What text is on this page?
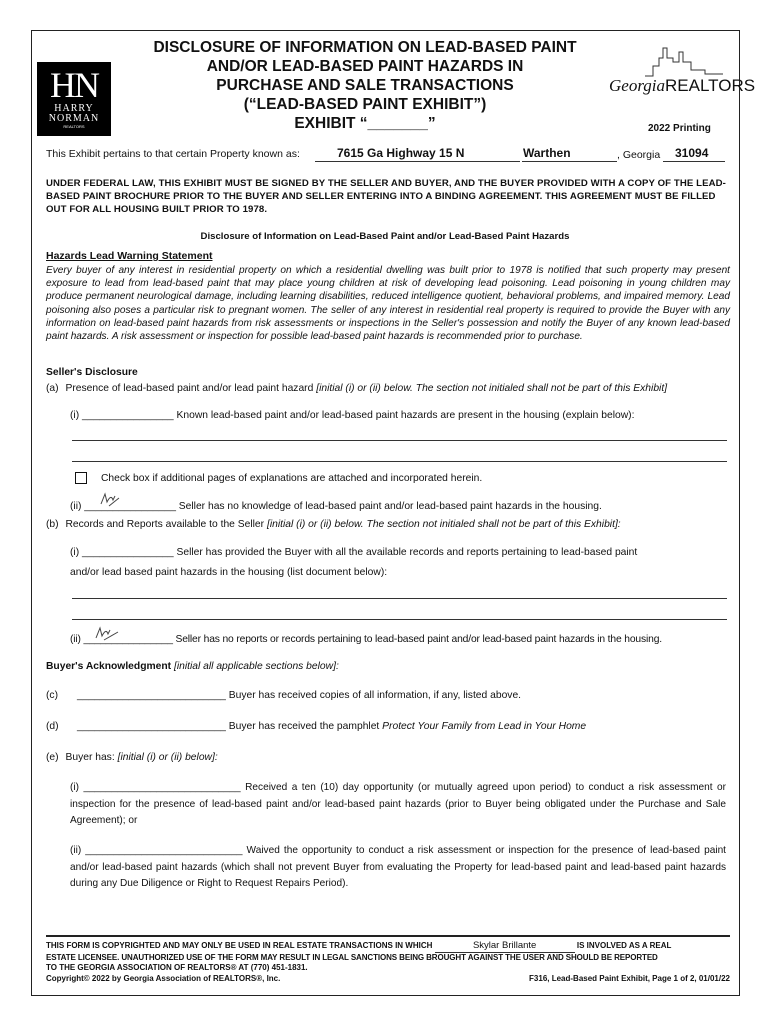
HN
HARRY
NORMAN
REALTORS
DISCLOSURE OF INFORMATION ON LEAD-BASED PAINT
AND/OR LEAD-BASED PAINT HAZARDS IN
PURCHASE AND SALE TRANSACTIONS
(“LEAD-BASED PAINT EXHIBIT”)
EXHIBIT “_______”
GeorgiaREALTORS
2022 Printing
This Exhibit pertains to that certain Property known as:	7615 Ga Highway 15 N	Warthen	, Georgia 31094
UNDER FEDERAL LAW, THIS EXHIBIT MUST BE SIGNED BY THE SELLER AND BUYER, AND THE BUYER PROVIDED WITH A COPY OF THE LEAD-BASED PAINT BROCHURE PRIOR TO THE BUYER AND SELLER ENTERING INTO A BINDING AGREEMENT. THIS AGREEMENT MUST BE FILLED OUT FOR ALL HOUSING BUILT PRIOR TO 1978.
Disclosure of Information on Lead-Based Paint and/or Lead-Based Paint Hazards
Hazards Lead Warning Statement
Every buyer of any interest in residential property on which a residential dwelling was built prior to 1978 is notified that such property may present exposure to lead from lead-based paint that may place young children at risk of developing lead poisoning. Lead poisoning in young children may produce permanent neurological damage, including learning disabilities, reduced intelligence quotient, behavioral problems, and impaired memory. Lead poisoning also poses a particular risk to pregnant women. The seller of any interest in residential real property is required to provide the Buyer with any information on lead-based paint hazards from risk assessments or inspections in the Seller's possession and notify the Buyer of any known lead-based paint hazards. A risk assessment or inspection for possible lead-based paint hazards is recommended prior to purchase.
Seller's Disclosure
(a) Presence of lead-based paint and/or lead paint hazard [initial (i) or (ii) below. The section not initialed shall not be part of this Exhibit]
(i) ________________ Known lead-based paint and/or lead-based paint hazards are present in the housing (explain below):
Check box if additional pages of explanations are attached and incorporated herein.
(ii) ________________ Seller has no knowledge of lead-based paint and/or lead-based paint hazards in the housing.
(b) Records and Reports available to the Seller [initial (i) or (ii) below. The section not initialed shall not be part of this Exhibit]:
(i) ________________ Seller has provided the Buyer with all the available records and reports pertaining to lead-based paint
and/or lead based paint hazards in the housing (list document below):
(ii) ________________ Seller has no reports or records pertaining to lead-based paint and/or lead-based paint hazards in the housing.
Buyer's Acknowledgment [initial all applicable sections below]:
(c) __________________________ Buyer has received copies of all information, if any, listed above.
(d) __________________________ Buyer has received the pamphlet Protect Your Family from Lead in Your Home
(e) Buyer has: [initial (i) or (ii) below]:
(i) ____________________________ Received a ten (10) day opportunity (or mutually agreed upon period) to conduct a risk assessment or inspection for the presence of lead-based paint and/or lead-based paint hazards (prior to Buyer being obligated under the Purchase and Sale Agreement); or
(ii) ____________________________ Waived the opportunity to conduct a risk assessment or inspection for the presence of lead-based paint and/or lead-based paint hazards (which shall not prevent Buyer from evaluating the Property for lead-based paint and lead-based paint hazards during any Due Diligence or Right to Request Repairs Period).
THIS FORM IS COPYRIGHTED AND MAY ONLY BE USED IN REAL ESTATE TRANSACTIONS IN WHICH	Skylar Brillante	IS INVOLVED AS A REAL
ESTATE LICENSEE. UNAUTHORIZED USE OF THE FORM MAY RESULT IN LEGAL SANCTIONS BEING BROUGHT AGAINST THE USER AND SHOULD BE REPORTED
TO THE GEORGIA ASSOCIATION OF REALTORS® AT (770) 451-1831.
Copyright© 2022 by Georgia Association of REALTORS®, Inc.	F316, Lead-Based Paint Exhibit, Page 1 of 2, 01/01/22
